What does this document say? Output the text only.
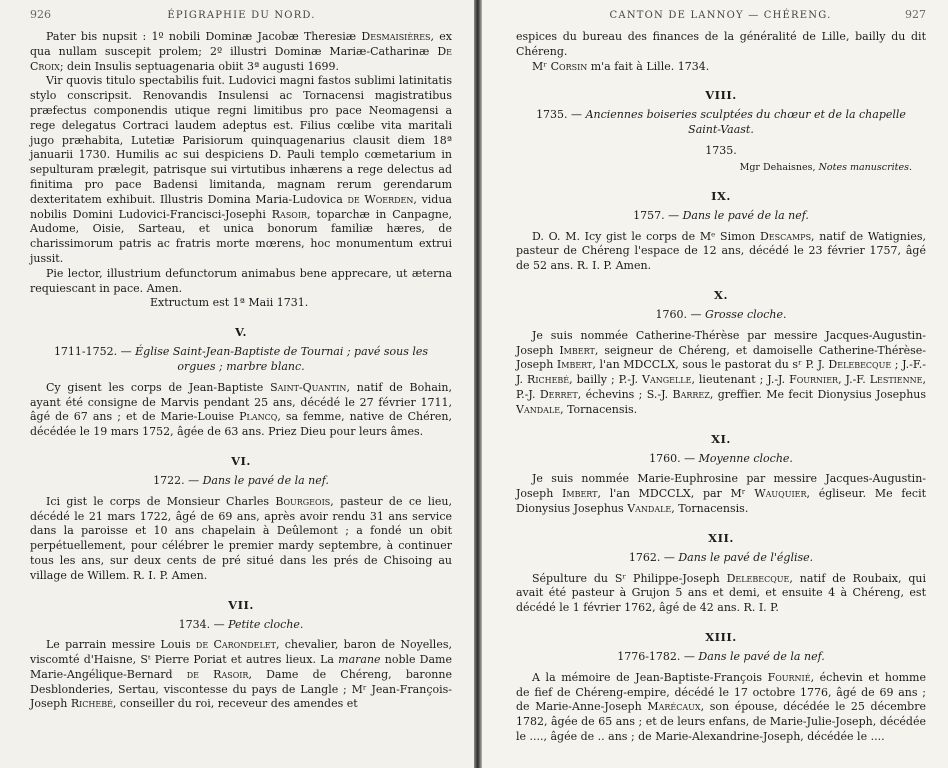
926	ÉPIGRAPHIE DU NORD.

Pater bis nupsit : 1º nobili Dominæ Jacobæ Theresiæ Desmaisières, ex qua nullam suscepit prolem; 2º illustri Dominæ Mariæ-Catharinæ De Croix; dein Insulis septuagenaria obiit 3ª augusti 1699.

Vir quovis titulo spectabilis fuit. Ludovici magni fastos sublimi latinitatis stylo conscripsit. Renovandis Insulensi ac Tornacensi magistratibus præfectus componendis utique regni limitibus pro pace Neomagensi a rege delegatus Cortraci laudem adeptus est. Filius cœlibe vita maritali jugo præhabita, Lutetiæ Parisiorum quinquagenarius clausit diem 18ª januarii 1730. Humilis ac sui despiciens D. Pauli templo cœmetarium in sepulturam prælegit, patrisque sui virtutibus inhærens a rege delectus ad finitima pro pace Badensi limitanda, magnam rerum gerendarum dexteritatem exhibuit. Illustris Domina Maria-Ludovica de Woerden, vidua nobilis Domini Ludovici-Francisci-Josephi Rasoir, toparchæ in Canpagne, Audome, Oisie, Sarteau, et unica bonorum familiæ hæres, de charissimorum patris ac fratris morte mœrens, hoc monumentum extrui jussit.

Pie lector, illustrium defunctorum animabus bene apprecare, ut æterna requiescant in pace. Amen.

Extructum est 1ª Maii 1731.

V.
1711-1752. — Église Saint-Jean-Baptiste de Tournai ; pavé sous les orgues ; marbre blanc.

Cy gisent les corps de Jean-Baptiste Saint-Quantin, natif de Bohain, ayant été consigne de Marvis pendant 25 ans, décédé le 27 février 1711, âgé de 67 ans ; et de Marie-Louise Plancq, sa femme, native de Chéren, décédée le 19 mars 1752, âgée de 63 ans. Priez Dieu pour leurs âmes.

VI.
1722. — Dans le pavé de la nef.

Ici gist le corps de Monsieur Charles Bourgeois, pasteur de ce lieu, décédé le 21 mars 1722, âgé de 69 ans, après avoir rendu 31 ans service dans la paroisse et 10 ans chapelain à Deûlemont ; a fondé un obit perpétuellement, pour célébrer le premier mardy septembre, à continuer tous les ans, sur deux cents de pré situé dans les prés de Chisoing au village de Willem. R. I. P. Amen.

VII.
1734. — Petite cloche.

Le parrain messire Louis de Carondelet, chevalier, baron de Noyelles, viscomté d'Haisne, Sᵗ Pierre Poriat et autres lieux. La marane noble Dame Marie-Angélique-Bernard de Rasoir, Dame de Chéreng, baronne Desblonderies, Sertau, viscontesse du pays de Langle ; Mʳ Jean-François-Joseph Richebé, conseiller du roi, receveur des amendes et

CANTON DE LANNOY — CHÉRENG.	927

espices du bureau des finances de la généralité de Lille, bailly du dit Chéreng.

Mʳ Corsin m'a fait à Lille. 1734.

VIII.
1735. — Anciennes boiseries sculptées du chœur et de la chapelle Saint-Vaast.
1735.
Mgr Dehaisnes, Notes manuscrites.
IX.
1757. — Dans le pavé de la nef.

D. O. M. Icy gist le corps de Mᵉ Simon Descamps, natif de Watignies, pasteur de Chéreng l'espace de 12 ans, décédé le 23 février 1757, âgé de 52 ans. R. I. P. Amen.

X.
1760. — Grosse cloche.

Je suis nommée Catherine-Thérèse par messire Jacques-Augustin-Joseph Imbert, seigneur de Chéreng, et damoiselle Catherine-Thérèse-Joseph Imbert, l'an MDCCLX, sous le pastorat du sʳ P. J. Delebecque ; J.-F.-J. Richebé, bailly ; P.-J. Vangelle, lieutenant ; J.-J. Fournier, J.-F. Lestienne, P.-J. Derret, échevins ; S.-J. Barrez, greffier. Me fecit Dionysius Josephus Vandale, Tornacensis.

XI.
1760. — Moyenne cloche.

Je suis nommée Marie-Euphrosine par messire Jacques-Augustin-Joseph Imbert, l'an MDCCLX, par Mʳ Wauquier, égliseur. Me fecit Dionysius Josephus Vandale, Tornacensis.

XII.
1762. — Dans le pavé de l'église.

Sépulture du Sʳ Philippe-Joseph Delebecque, natif de Roubaix, qui avait été pasteur à Grujon 5 ans et demi, et ensuite 4 à Chéreng, est décédé le 1 février 1762, âgé de 42 ans. R. I. P.

XIII.
1776-1782. — Dans le pavé de la nef.

A la mémoire de Jean-Baptiste-François Fournié, échevin et homme de fief de Chéreng-empire, décédé le 17 octobre 1776, âgé de 69 ans ; de Marie-Anne-Joseph Marécaux, son épouse, décédée le 25 décembre 1782, âgée de 65 ans ; et de leurs enfans, de Marie-Julie-Joseph, décédée le ...., âgée de .. ans ; de Marie-Alexandrine-Joseph, décédée le ....
